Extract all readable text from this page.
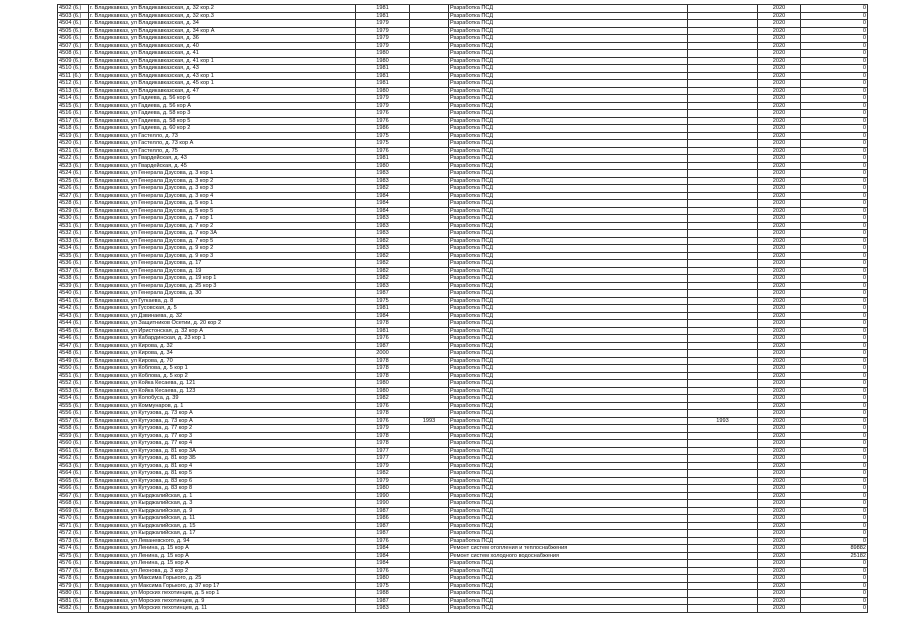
4502 (6.)	г. Владикавказ, ул Владикавказская, д. 32 кор.2	1981		Разработка ПСД		2020	0
4503 (6.)	г. Владикавказ, ул Владикавказская, д. 32 кор.3	1981		Разработка ПСД		2020	0
4504 (6.)	г. Владикавказ, ул Владикавказская, д. 34	1979		Разработка ПСД		2020	0
4505 (6.)	г. Владикавказ, ул Владикавказская, д. 34 кор А	1979		Разработка ПСД		2020	0
4506 (6.)	г. Владикавказ, ул Владикавказская, д. 36	1979		Разработка ПСД		2020	0
4507 (6.)	г. Владикавказ, ул Владикавказская, д. 40	1979		Разработка ПСД		2020	0
4508 (6.)	г. Владикавказ, ул Владикавказская, д. 41	1980		Разработка ПСД		2020	0
4509 (6.)	г. Владикавказ, ул Владикавказская, д. 41 кор 1	1980		Разработка ПСД		2020	0
4510 (6.)	г. Владикавказ, ул Владикавказская, д. 43	1981		Разработка ПСД		2020	0
4511 (6.)	г. Владикавказ, ул Владикавказская, д. 43 кор 1	1981		Разработка ПСД		2020	0
4512 (6.)	г. Владикавказ, ул Владикавказская, д. 45 кор 1	1981		Разработка ПСД		2020	0
4513 (6.)	г. Владикавказ, ул Владикавказская, д. 47	1980		Разработка ПСД		2020	0
4514 (6.)	г. Владикавказ, ул Гадиева, д. 56 кор 6	1979		Разработка ПСД		2020	0
4515 (6.)	г. Владикавказ, ул Гадиева, д. 56 кор А	1979		Разработка ПСД		2020	0
4516 (6.)	г. Владикавказ, ул Гадиева, д. 58 кор 3	1976		Разработка ПСД		2020	0
4517 (6.)	г. Владикавказ, ул Гадиева, д. 58 кор 5	1976		Разработка ПСД		2020	0
4518 (6.)	г. Владикавказ, ул Гадиева, д. 60 кор 2	1986		Разработка ПСД		2020	0
4519 (6.)	г. Владикавказ, ул Гастелло, д. 73	1975		Разработка ПСД		2020	0
4520 (6.)	г. Владикавказ, ул Гастелло, д. 73 кор А	1975		Разработка ПСД		2020	0
4521 (6.)	г. Владикавказ, ул Гастелло, д. 75	1976		Разработка ПСД		2020	0
4522 (6.)	г. Владикавказ, ул Гвардейская, д. 43	1981		Разработка ПСД		2020	0
4523 (6.)	г. Владикавказ, ул Гвардейская, д. 45	1980		Разработка ПСД		2020	0
4524 (6.)	г. Владикавказ, ул Генерала Дзусова, д. 3 кор 1	1983		Разработка ПСД		2020	0
4525 (6.)	г. Владикавказ, ул Генерала Дзусова, д. 3 кор 2	1983		Разработка ПСД		2020	0
4526 (6.)	г. Владикавказ, ул Генерала Дзусова, д. 3 кор 3	1982		Разработка ПСД		2020	0
4527 (6.)	г. Владикавказ, ул Генерала Дзусова, д. 3 кор 4	1984		Разработка ПСД		2020	0
4528 (6.)	г. Владикавказ, ул Генерала Дзусова, д. 5 кор 1	1984		Разработка ПСД		2020	0
4529 (6.)	г. Владикавказ, ул Генерала Дзусова, д. 5 кор 5	1984		Разработка ПСД		2020	0
4530 (6.)	г. Владикавказ, ул Генерала Дзусова, д. 7 кор 1	1983		Разработка ПСД		2020	0
4531 (6.)	г. Владикавказ, ул Генерала Дзусова, д. 7 кор 2	1983		Разработка ПСД		2020	0
4532 (6.)	г. Владикавказ, ул Генерала Дзусова, д. 7 кор 3А	1983		Разработка ПСД		2020	0
4533 (6.)	г. Владикавказ, ул Генерала Дзусова, д. 7 кор 5	1982		Разработка ПСД		2020	0
4534 (6.)	г. Владикавказ, ул Генерала Дзусова, д. 9 кор 2	1983		Разработка ПСД		2020	0
4535 (6.)	г. Владикавказ, ул Генерала Дзусова, д. 9 кор 3	1982		Разработка ПСД		2020	0
4536 (6.)	г. Владикавказ, ул Генерала Дзусова, д. 17	1982		Разработка ПСД		2020	0
4537 (6.)	г. Владикавказ, ул Генерала Дзусова, д. 19	1982		Разработка ПСД		2020	0
4538 (6.)	г. Владикавказ, ул Генерала Дзусова, д. 19 кор 1	1982		Разработка ПСД		2020	0
4539 (6.)	г. Владикавказ, ул Генерала Дзусова, д. 25 кор 3	1983		Разработка ПСД		2020	0
4540 (6.)	г. Владикавказ, ул Генерала Дзусова, д. 30	1987		Разработка ПСД		2020	0
4541 (6.)	г. Владикавказ, ул Гугкаева, д. 8	1975		Разработка ПСД		2020	0
4542 (6.)	г. Владикавказ, ул Гусовская, д. 5	1981		Разработка ПСД		2020	0
4543 (6.)	г. Владикавказ, ул Дзвинаева, д. 32	1984		Разработка ПСД		2020	0
4544 (6.)	г. Владикавказ, ул Защитников Осетии, д. 20 кор 2	1978		Разработка ПСД		2020	0
4545 (6.)	г. Владикавказ, ул Иристонская, д. 32 кор А	1981		Разработка ПСД		2020	0
4546 (6.)	г. Владикавказ, ул Кабардинская, д. 23 кор 1	1976		Разработка ПСД		2020	0
4547 (6.)	г. Владикавказ, ул Кирова, д. 32	1987		Разработка ПСД		2020	0
4548 (6.)	г. Владикавказ, ул Кирова, д. 34	2000		Разработка ПСД		2020	0
4549 (6.)	г. Владикавказ, ул Кирова, д. 70	1978		Разработка ПСД		2020	0
4550 (6.)	г. Владикавказ, ул Коблова, д. 5 кор 1	1978		Разработка ПСД		2020	0
4551 (6.)	г. Владикавказ, ул Коблова, д. 5 кор 2	1978		Разработка ПСД		2020	0
4552 (6.)	г. Владикавказ, ул Койка Кесаева, д. 121	1980		Разработка ПСД		2020	0
4553 (6.)	г. Владикавказ, ул Койка Кесаева, д. 123	1980		Разработка ПСД		2020	0
4554 (6.)	г. Владикавказ, ул Колобуса, д. 39	1982		Разработка ПСД		2020	0
4555 (6.)	г. Владикавказ, ул Коммунаров, д. 1	1976		Разработка ПСД		2020	0
4556 (6.)	г. Владикавказ, ул Кутузова, д. 73 кор А	1978		Разработка ПСД		2020	0
4557 (6.)	г. Владикавказ, ул Кутузова, д. 73 кор А	1976	1993	Разработка ПСД	1993	2020	0
4558 (6.)	г. Владикавказ, ул Кутузова, д. 77 кор 2	1979		Разработка ПСД		2020	0
4559 (6.)	г. Владикавказ, ул Кутузова, д. 77 кор 3	1978		Разработка ПСД		2020	0
4560 (6.)	г. Владикавказ, ул Кутузова, д. 77 кор 4	1978		Разработка ПСД		2020	0
4561 (6.)	г. Владикавказ, ул Кутузова, д. 81 кор 3А	1977		Разработка ПСД		2020	0
4562 (6.)	г. Владикавказ, ул Кутузова, д. 81 кор 3Б	1977		Разработка ПСД		2020	0
4563 (6.)	г. Владикавказ, ул Кутузова, д. 81 кор 4	1979		Разработка ПСД		2020	0
4564 (6.)	г. Владикавказ, ул Кутузова, д. 81 кор 5	1982		Разработка ПСД		2020	0
4565 (6.)	г. Владикавказ, ул Кутузова, д. 83 кор 6	1979		Разработка ПСД		2020	0
4566 (6.)	г. Владикавказ, ул Кутузова, д. 83 кор 8	1980		Разработка ПСД		2020	0
4567 (6.)	г. Владикавказ, ул Кырджалийская, д. 1	1990		Разработка ПСД		2020	0
4568 (6.)	г. Владикавказ, ул Кырджалийская, д. 3	1990		Разработка ПСД		2020	0
4569 (6.)	г. Владикавказ, ул Кырджалийская, д. 9	1987		Разработка ПСД		2020	0
4570 (6.)	г. Владикавказ, ул Кырджалийская, д. 11	1986		Разработка ПСД		2020	0
4571 (6.)	г. Владикавказ, ул Кырджалийская, д. 15	1987		Разработка ПСД		2020	0
4572 (6.)	г. Владикавказ, ул Кырджалийская, д. 17	1987		Разработка ПСД		2020	0
4573 (6.)	г. Владикавказ, ул Леваневского, д. 94	1976		Разработка ПСД		2020	0
4574 (6.)	г. Владикавказ, ул Ленина, д. 15 кор А	1984		Ремонт систем отопления и теплоснабжения		2020	89882
4575 (6.)	г. Владикавказ, ул Ленина, д. 15 кор А	1984		Ремонт систем холодного водоснабжения		2020	25182
4576 (6.)	г. Владикавказ, ул Ленина, д. 15 кор А	1984		Разработка ПСД		2020	0
4577 (6.)	г. Владикавказ, ул Леонова, д. 3 кор 2	1976		Разработка ПСД		2020	0
4578 (6.)	г. Владикавказ, ул Максима Горького, д. 25	1980		Разработка ПСД		2020	0
4579 (6.)	г. Владикавказ, ул Максима Горького, д. 37 кор 17	1975		Разработка ПСД		2020	0
4580 (6.)	г. Владикавказ, ул Морских пехотинцев, д. 5 кор 1	1988		Разработка ПСД		2020	0
4581 (6.)	г. Владикавказ, ул Морских пехотинцев, д. 9	1987		Разработка ПСД		2020	0
4582 (6.)	г. Владикавказ, ул Морских пехотинцев, д. 11	1983		Разработка ПСД		2020	0
